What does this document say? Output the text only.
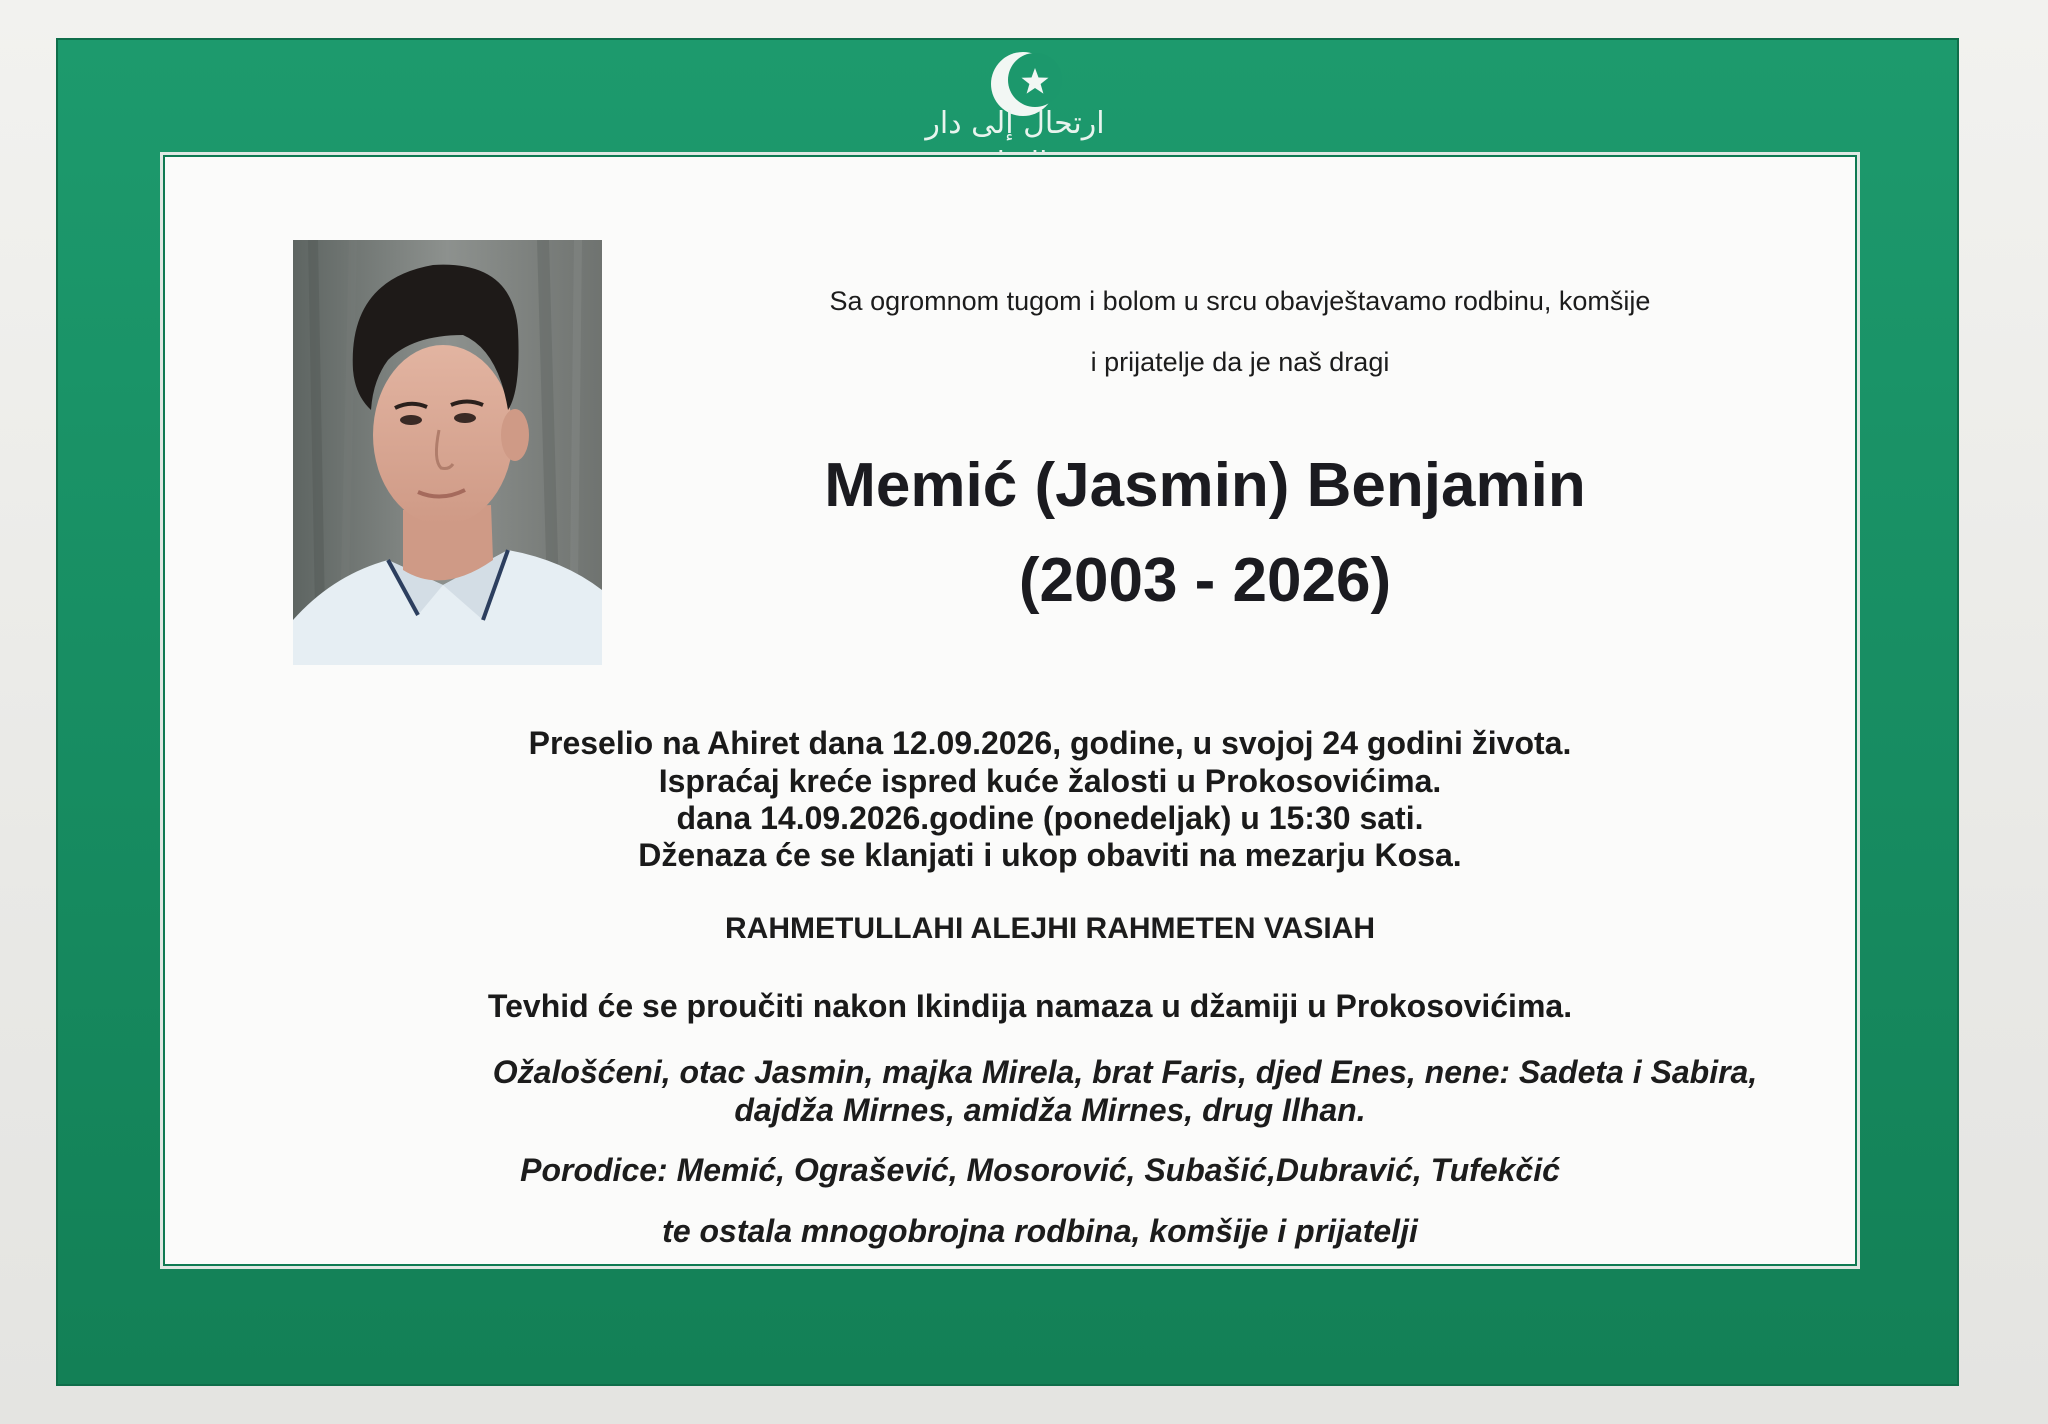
ارتحال إلى دار
Sa ogromnom tugom i bolom u srcu obavještavamo rodbinu, komšije
i prijatelje da je naš dragi
Memić (Jasmin) Benjamin
(2003 - 2026)
Preselio na Ahiret dana 12.09.2026, godine, u svojoj 24 godini života.
Ispraćaj kreće ispred kuće žalosti u Prokosovićima.
dana 14.09.2026.godine (ponedeljak) u 15:30 sati.
Dženaza će se klanjati i ukop obaviti na mezarju Kosa.
RAHMETULLAHI ALEJHI RAHMETEN VASIAH
Tevhid će se proučiti nakon Ikindija namaza u džamiji u Prokosovićima.
Ožalošćeni, otac Jasmin, majka Mirela, brat Faris, djed Enes, nene: Sadeta i Sabira,
dajdža Mirnes, amidža Mirnes, drug Ilhan.
Porodice: Memić, Ograšević, Mosorović, Subašić,Dubravić, Tufekčić
te ostala mnogobrojna rodbina, komšije i prijatelji
